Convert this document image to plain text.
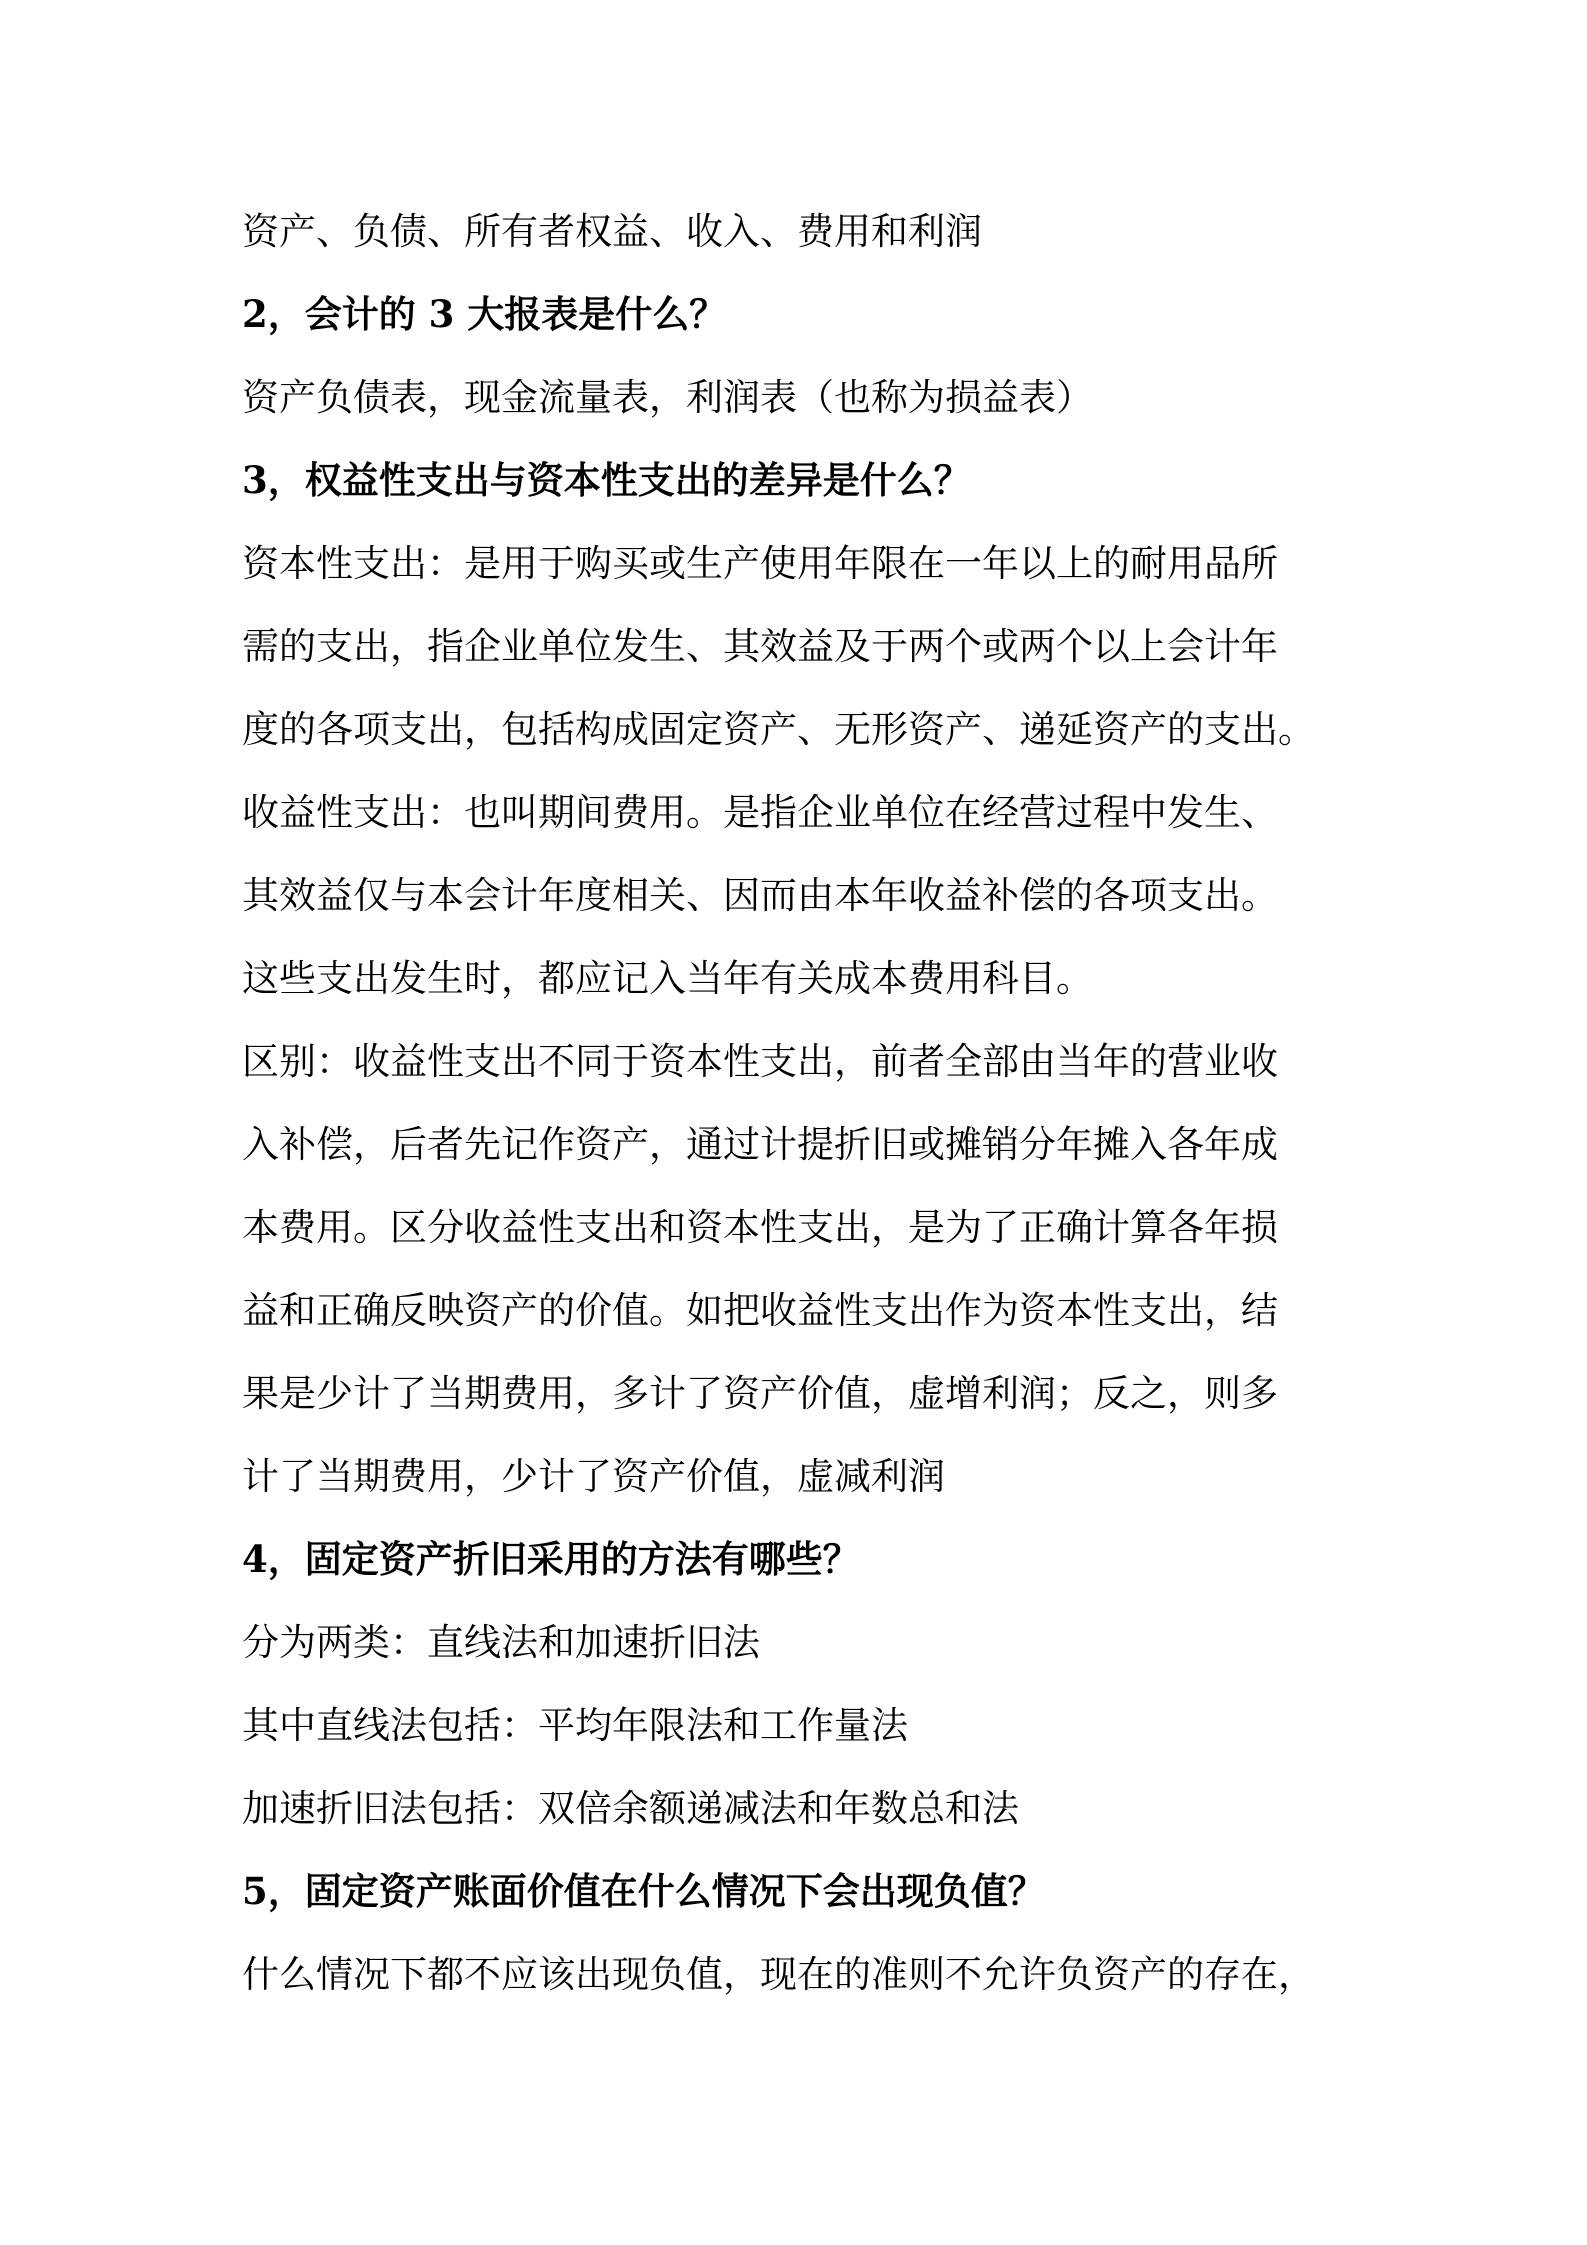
资产、负债、所有者权益、收入、费用和利润

2，会计的 3 大报表是什么？

资产负债表，现金流量表，利润表（也称为损益表）

3，权益性支出与资本性支出的差异是什么？

资本性支出：是用于购买或生产使用年限在一年以上的耐用品所

需的支出，指企业单位发生、其效益及于两个或两个以上会计年

度的各项支出，包括构成固定资产、无形资产、递延资产的支出。

收益性支出：也叫期间费用。是指企业单位在经营过程中发生、

其效益仅与本会计年度相关、因而由本年收益补偿的各项支出。

这些支出发生时，都应记入当年有关成本费用科目。

区别：收益性支出不同于资本性支出，前者全部由当年的营业收

入补偿，后者先记作资产，通过计提折旧或摊销分年摊入各年成

本费用。区分收益性支出和资本性支出，是为了正确计算各年损

益和正确反映资产的价值。如把收益性支出作为资本性支出，结

果是少计了当期费用，多计了资产价值，虚增利润；反之，则多

计了当期费用，少计了资产价值，虚减利润

4，固定资产折旧采用的方法有哪些？

分为两类：直线法和加速折旧法

其中直线法包括：平均年限法和工作量法

加速折旧法包括：双倍余额递减法和年数总和法

5，固定资产账面价值在什么情况下会出现负值？

什么情况下都不应该出现负值，现在的准则不允许负资产的存在，
